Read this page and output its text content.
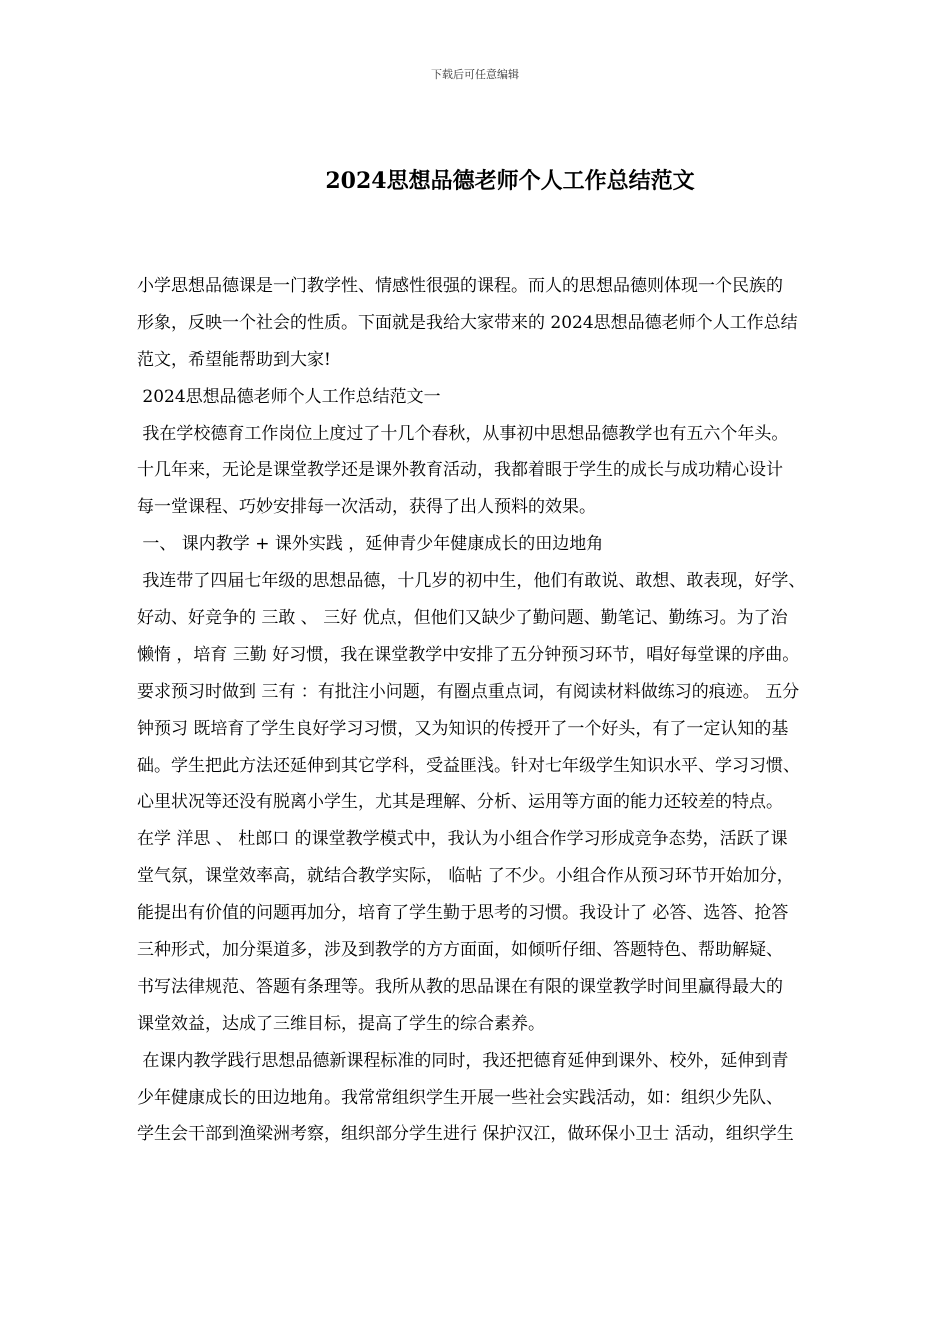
下载后可任意编辑
2024思想品德老师个人工作总结范文
小学思想品德课是一门教学性、情感性很强的课程。而人的思想品德则体现一个民族的
形象，反映一个社会的性质。下面就是我给大家带来的 2024思想品德老师个人工作总结
范文，希望能帮助到大家!
2024思想品德老师个人工作总结范文一
我在学校德育工作岗位上度过了十几个春秋，从事初中思想品德教学也有五六个年头。
十几年来，无论是课堂教学还是课外教育活动，我都着眼于学生的成长与成功精心设计
每一堂课程、巧妙安排每一次活动，获得了出人预料的效果。
一、 课内教学 + 课外实践 ，延伸青少年健康成长的田边地角
我连带了四届七年级的思想品德，十几岁的初中生，他们有敢说、敢想、敢表现，好学、
好动、好竞争的 三敢 、 三好 优点，但他们又缺少了勤问题、勤笔记、勤练习。为了治
懒惰 ，培育 三勤 好习惯，我在课堂教学中安排了五分钟预习环节，唱好每堂课的序曲。
要求预习时做到 三有 ：有批注小问题，有圈点重点词，有阅读材料做练习的痕迹。 五分
钟预习 既培育了学生良好学习习惯，又为知识的传授开了一个好头，有了一定认知的基
础。学生把此方法还延伸到其它学科，受益匪浅。针对七年级学生知识水平、学习习惯、
心里状况等还没有脱离小学生，尤其是理解、分析、运用等方面的能力还较差的特点。
在学 洋思 、 杜郎口 的课堂教学模式中，我认为小组合作学习形成竞争态势，活跃了课
堂气氛，课堂效率高，就结合教学实际， 临帖 了不少。小组合作从预习环节开始加分，
能提出有价值的问题再加分，培育了学生勤于思考的习惯。我设计了 必答、选答、抢答
三种形式，加分渠道多，涉及到教学的方方面面，如倾听仔细、答题特色、帮助解疑、
书写法律规范、答题有条理等。我所从教的思品课在有限的课堂教学时间里赢得最大的
课堂效益，达成了三维目标，提高了学生的综合素养。
在课内教学践行思想品德新课程标准的同时，我还把德育延伸到课外、校外，延伸到青
少年健康成长的田边地角。我常常组织学生开展一些社会实践活动，如：组织少先队、
学生会干部到渔梁洲考察，组织部分学生进行 保护汉江，做环保小卫士 活动，组织学生
